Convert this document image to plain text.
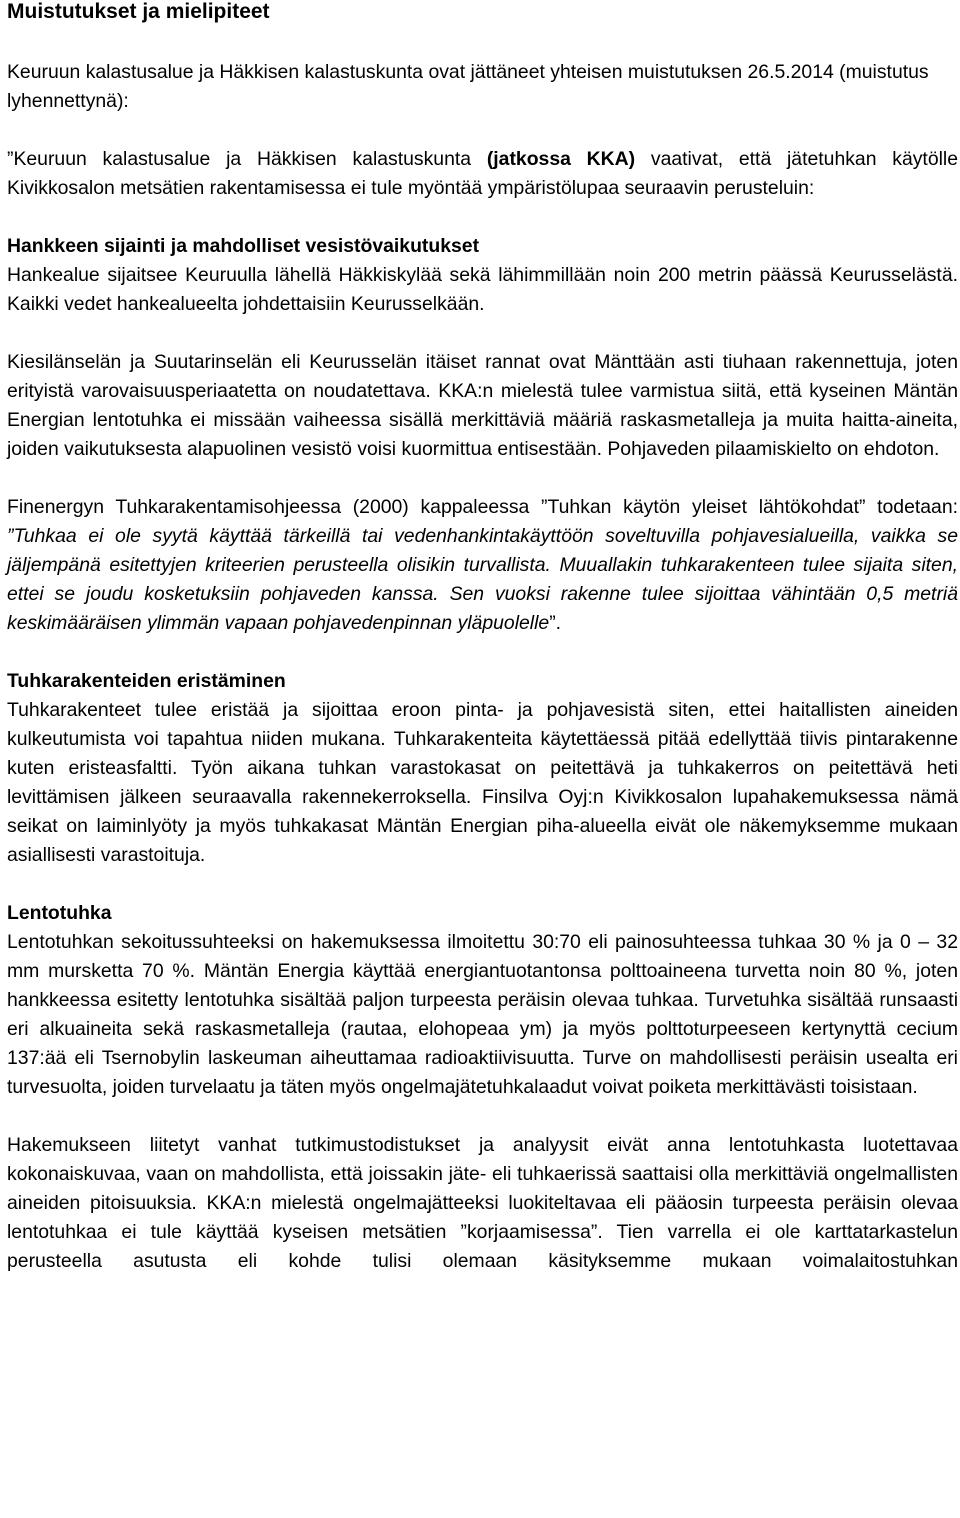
Muistutukset ja mielipiteet

Keuruun kalastusalue ja Häkkisen kalastuskunta ovat jättäneet yhteisen muistutuksen 26.5.2014 (muistutus lyhennettynä):

”Keuruun kalastusalue ja Häkkisen kalastuskunta (jatkossa KKA) vaativat, että jätetuhkan käytölle Kivikkosalon metsätien rakentamisessa ei tule myöntää ympäristölupaa seuraavin perusteluin:

Hankkeen sijainti ja mahdolliset vesistövaikutukset

Hankealue sijaitsee Keuruulla lähellä Häkkiskylää sekä lähimmillään noin 200 metrin päässä Keurusselästä. Kaikki vedet hankealueelta johdettaisiin Keurusselkään.

Kiesilänselän ja Suutarinselän eli Keurusselän itäiset rannat ovat Mänttään asti tiuhaan rakennettuja, joten erityistä varovaisuusperiaatetta on noudatettava. KKA:n mielestä tulee varmistua siitä, että kyseinen Mäntän Energian lentotuhka ei missään vaiheessa sisällä merkittäviä määriä raskasmetalleja ja muita haitta-aineita, joiden vaikutuksesta alapuolinen vesistö voisi kuormittua entisestään. Pohjaveden pilaamiskielto on ehdoton.

Finenergyn Tuhkarakentamisohjeessa (2000) kappaleessa ”Tuhkan käytön yleiset lähtökohdat” todetaan: ”Tuhkaa ei ole syytä käyttää tärkeillä tai vedenhankintakäyttöön soveltuvilla pohjavesialueilla, vaikka se jäljempänä esitettyjen kriteerien perusteella olisikin turvallista. Muuallakin tuhkarakenteen tulee sijaita siten, ettei se joudu kosketuksiin pohjaveden kanssa. Sen vuoksi rakenne tulee sijoittaa vähintään 0,5 metriä keskimääräisen ylimmän vapaan pohjavedenpinnan yläpuolelle”.

Tuhkarakenteiden eristäminen

Tuhkarakenteet tulee eristää ja sijoittaa eroon pinta- ja pohjavesistä siten, ettei haitallisten aineiden kulkeutumista voi tapahtua niiden mukana. Tuhkarakenteita käytettäessä pitää edellyttää tiivis pintarakenne kuten eristeasfaltti. Työn aikana tuhkan varastokasat on peitettävä ja tuhkakerros on peitettävä heti levittämisen jälkeen seuraavalla rakennekerroksella. Finsilva Oyj:n Kivikkosalon lupahakemuksessa nämä seikat on laiminlyöty ja myös tuhkakasat Mäntän Energian piha-alueella eivät ole näkemyksemme mukaan asiallisesti varastoituja.

Lentotuhka

Lentotuhkan sekoitussuhteeksi on hakemuksessa ilmoitettu 30:70 eli painosuhteessa tuhkaa 30 % ja 0 – 32 mm mursketta 70 %. Mäntän Energia käyttää energiantuotantonsa polttoaineena turvetta noin 80 %, joten hankkeessa esitetty lentotuhka sisältää paljon turpeesta peräisin olevaa tuhkaa. Turvetuhka sisältää runsaasti eri alkuaineita sekä raskasmetalleja (rautaa, elohopeaa ym) ja myös polttoturpeeseen kertynyttä cecium 137:ää eli Tsernobylin laskeuman aiheuttamaa radioaktiivisuutta. Turve on mahdollisesti peräisin usealta eri turvesuolta, joiden turvelaatu ja täten myös ongelmajätetuhkalaadut voivat poiketa merkittävästi toisistaan.

Hakemukseen liitetyt vanhat tutkimustodistukset ja analyysit eivät anna lentotuhkasta luotettavaa kokonaiskuvaa, vaan on mahdollista, että joissakin jäte- eli tuhkaerissä saattaisi olla merkittäviä ongelmallisten aineiden pitoisuuksia. KKA:n mielestä ongelmajätteeksi luokiteltavaa eli pääosin turpeesta peräisin olevaa lentotuhkaa ei tule käyttää kyseisen metsätien ”korjaamisessa”. Tien varrella ei ole karttatarkastelun perusteella asutusta eli kohde tulisi olemaan käsityksemme mukaan voimalaitostuhkan
